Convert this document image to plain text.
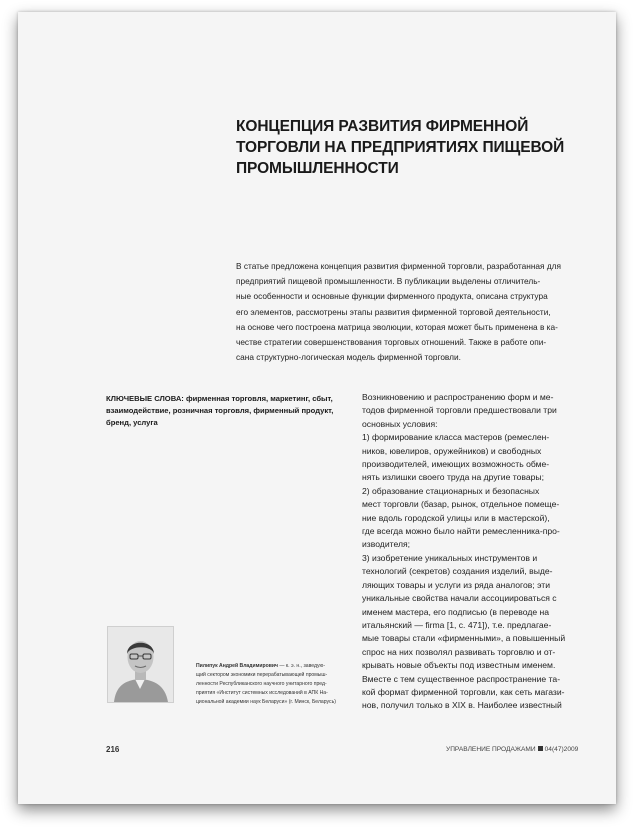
КОНЦЕПЦИЯ РАЗВИТИЯ ФИРМЕННОЙ
ТОРГОВЛИ НА ПРЕДПРИЯТИЯХ ПИЩЕВОЙ
ПРОМЫШЛЕННОСТИ
В статье предложена концепция развития фирменной торговли, разработанная для
предприятий пищевой промышленности. В публикации выделены отличитель-
ные особенности и основные функции фирменного продукта, описана структура
его элементов, рассмотрены этапы развития фирменной торговой деятельности,
на основе чего построена матрица эволюции, которая может быть применена в ка-
честве стратегии совершенствования торговых отношений. Также в работе опи-
сана структурно-логическая модель фирменной торговли.
КЛЮЧЕВЫЕ СЛОВА: фирменная торговля, маркетинг, сбыт,
взаимодействие, розничная торговля, фирменный продукт,
бренд, услуга
Возникновению и распространению форм и ме-
тодов фирменной торговли предшествовали три
основных условия:
1) формирование класса мастеров (ремеслен-
ников, ювелиров, оружейников) и свободных
производителей, имеющих возможность обме-
нять излишки своего труда на другие товары;
2) образование стационарных и безопасных
мест торговли (базар, рынок, отдельное помеще-
ние вдоль городской улицы или в мастерской),
где всегда можно было найти ремесленника-про-
изводителя;
3) изобретение уникальных инструментов и
технологий (секретов) создания изделий, выде-
ляющих товары и услуги из ряда аналогов; эти
уникальные свойства начали ассоциироваться с
именем мастера, его подписью (в переводе на
итальянский — firma [1, с. 471]), т.е. предлагае-
мые товары стали «фирменными», а повышенный
спрос на них позволял развивать торговлю и от-
крывать новые объекты под известным именем.
Вместе с тем существенное распространение та-
кой формат фирменной торговли, как сеть магази-
нов, получил только в XIX в. Наиболее известный
Пилипук Андрей Владимирович — к. э. н., заведую-
щий сектором экономики перерабатывающей промыш-
ленности Республиканского научного унитарного пред-
приятия «Институт системных исследований в АПК На-
циональной академии наук Беларуси» (г. Минск, Беларусь)
216	УПРАВЛЕНИЕ ПРОДАЖАМИ 04(47)2009
